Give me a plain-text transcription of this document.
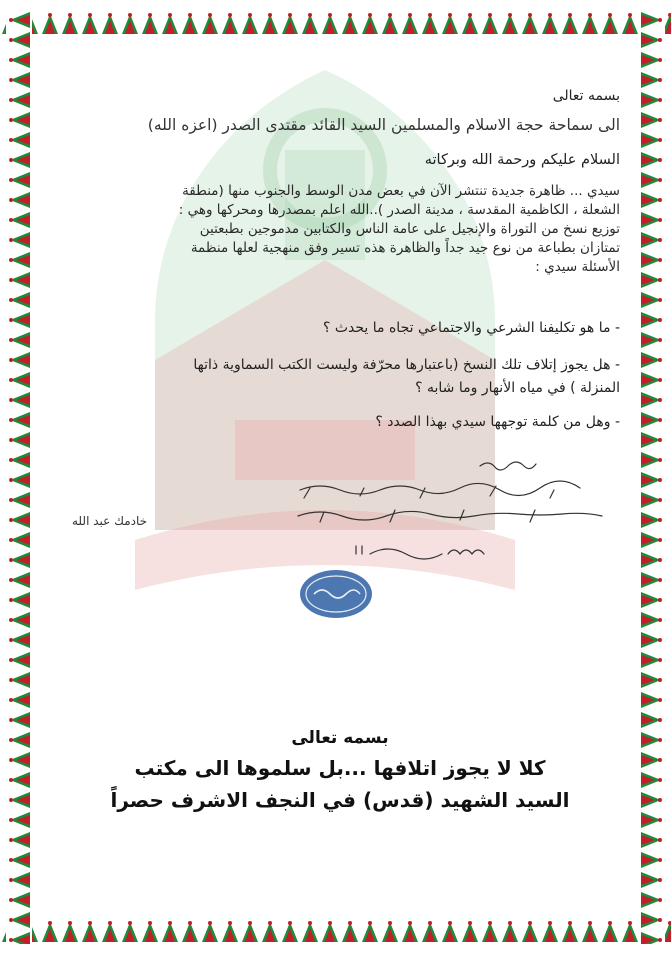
بسمه تعالى
الى سماحة حجة الاسلام والمسلمين السيد القائد مقتدى الصدر (اعزه الله)
السلام عليكم ورحمة الله وبركاته

سيدي ... ظاهرة جديدة تنتشر الآن في بعض مدن الوسط والجنوب منها (منطقة

الشعلة ، الكاظمية المقدسة ، مدينة الصدر )..الله اعلم بمصدرها ومحركها وهي :

توزيع نسخ من التوراة والإنجيل على عامة الناس والكتابين مدموجين بطبعتين

تمتازان بطباعة من نوع جيد جداً والظاهرة هذه تسير وفق منهجية لعلها منظمة

الأسئلة سيدي :

- ما هو تكليفنا الشرعي والاجتماعي تجاه ما يحدث ؟

- هل يجوز إتلاف تلك النسخ (باعتبارها محرّفة وليست الكتب السماوية ذاتها

المنزلة ) في مياه الأنهار وما شابه ؟

- وهل من كلمة توجهها سيدي بهذا الصدد ؟
خادمك عبد الله
بسمه تعالى
كلا لا يجوز اتلافها ...بل سلموها الى مكتب
السيد الشهيد (قدس) في النجف الاشرف حصراً
